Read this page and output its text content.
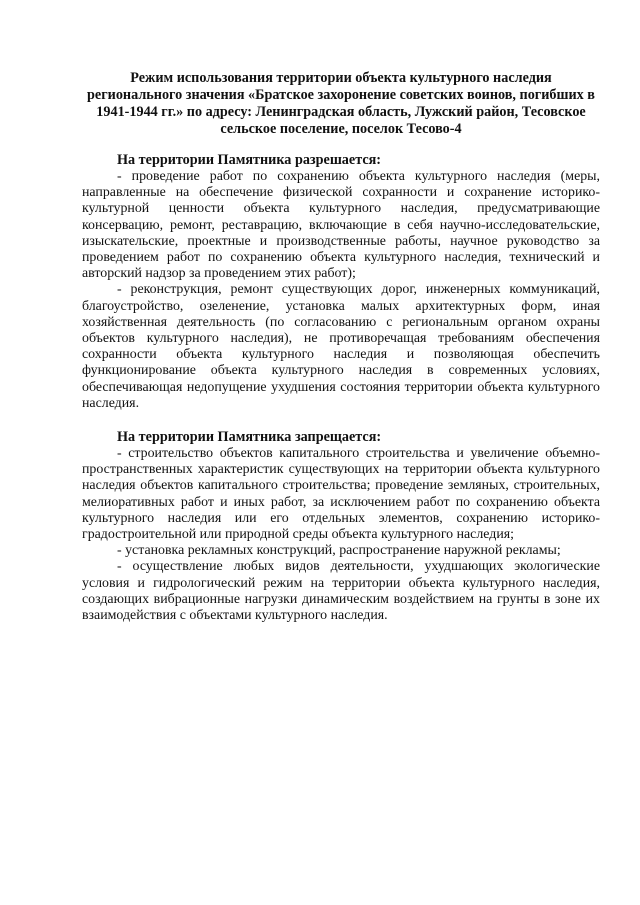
Режим использования территории объекта культурного наследия регионального значения «Братское захоронение советских воинов, погибших в 1941-1944 гг.» по адресу: Ленинградская область, Лужский район, Тесовское сельское поселение, поселок Тесово-4
На территории Памятника разрешается:

- проведение работ по сохранению объекта культурного наследия (меры, направленные на обеспечение физической сохранности и сохранение историко-культурной ценности объекта культурного наследия, предусматривающие консервацию, ремонт, реставрацию, включающие в себя научно-исследовательские, изыскательские, проектные и производственные работы, научное руководство за проведением работ по сохранению объекта культурного наследия, технический и авторский надзор за проведением этих работ);

- реконструкция, ремонт существующих дорог, инженерных коммуникаций, благоустройство, озеленение, установка малых архитектурных форм, иная хозяйственная деятельность (по согласованию с региональным органом охраны объектов культурного наследия), не противоречащая требованиям обеспечения сохранности объекта культурного наследия и позволяющая обеспечить функционирование объекта культурного наследия в современных условиях, обеспечивающая недопущение ухудшения состояния территории объекта культурного наследия.

На территории Памятника запрещается:

- строительство объектов капитального строительства и увеличение объемно-пространственных характеристик существующих на территории объекта культурного наследия объектов капитального строительства; проведение земляных, строительных, мелиоративных работ и иных работ, за исключением работ по сохранению объекта культурного наследия или его отдельных элементов, сохранению историко-градостроительной или природной среды объекта культурного наследия;

- установка рекламных конструкций, распространение наружной рекламы;

- осуществление любых видов деятельности, ухудшающих экологические условия и гидрологический режим на территории объекта культурного наследия, создающих вибрационные нагрузки динамическим воздействием на грунты в зоне их взаимодействия с объектами культурного наследия.
